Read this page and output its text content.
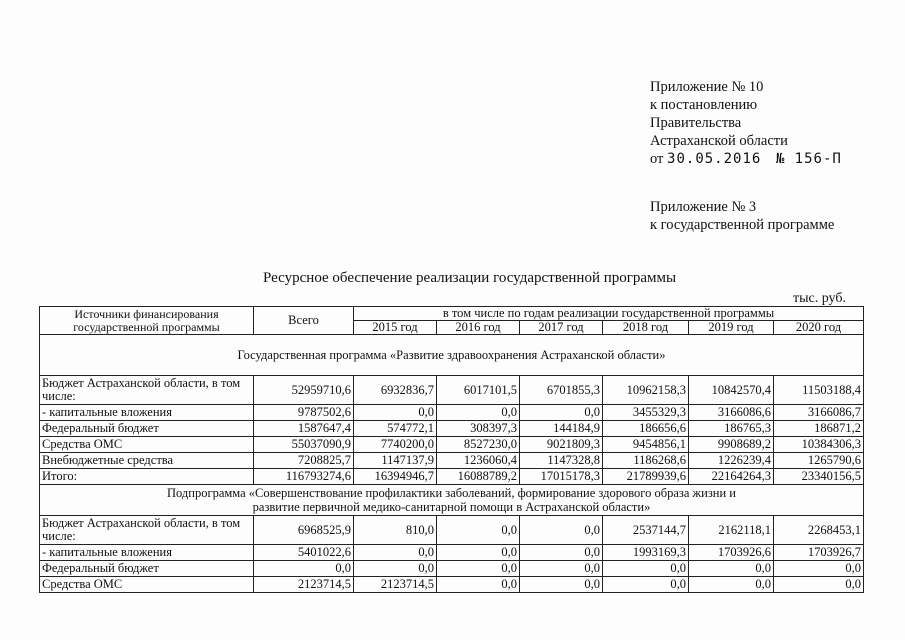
Приложение № 10
к постановлению
Правительства
Астраханской области
от 30.05.2016 № 156-П
Приложение № 3
к государственной программе
Ресурсное обеспечение реализации государственной программы
тыс. руб.
Источники финансирования государственной программы	Всего	в том числе по годам реализации государственной программы					
		2015 год	2016 год	2017 год	2018 год	2019 год	2020 год
Государственная программа «Развитие здравоохранения Астраханской области»							
Бюджет Астраханской области, в том числе:	52959710,6	6932836,7	6017101,5	6701855,3	10962158,3	10842570,4	11503188,4
- капитальные вложения	9787502,6	0,0	0,0	0,0	3455329,3	3166086,6	3166086,7
Федеральный бюджет	1587647,4	574772,1	308397,3	144184,9	186656,6	186765,3	186871,2
Средства ОМС	55037090,9	7740200,0	8527230,0	9021809,3	9454856,1	9908689,2	10384306,3
Внебюджетные средства	7208825,7	1147137,9	1236060,4	1147328,8	1186268,6	1226239,4	1265790,6
Итого:	116793274,6	16394946,7	16088789,2	17015178,3	21789939,6	22164264,3	23340156,5

Подпрограмма «Совершенствование профилактики заболеваний, формирование здорового образа жизни и
развитие первичной медико-санитарной помощи в Астраханской области»							

Бюджет Астраханской области, в том числе:	6968525,9	810,0	0,0	0,0	2537144,7	2162118,1	2268453,1
- капитальные вложения	5401022,6	0,0	0,0	0,0	1993169,3	1703926,6	1703926,7
Федеральный бюджет	0,0	0,0	0,0	0,0	0,0	0,0	0,0
Средства ОМС	2123714,5	2123714,5	0,0	0,0	0,0	0,0	0,0
